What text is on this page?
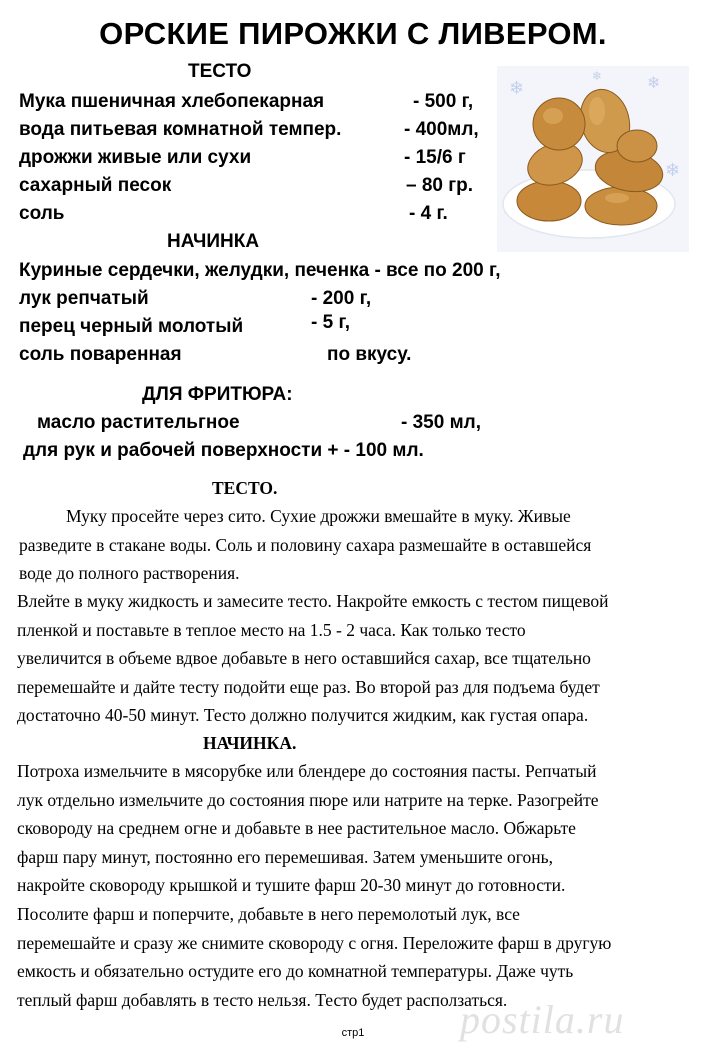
ОРСКИЕ ПИРОЖКИ С ЛИВЕРОМ.
❄	❄
❄
❄
ТЕСТО
Мука пшеничная хлебопекарная	- 500 г,
вода питьевая комнатной темпер.	- 400мл,
дрожжи живые или сухи	- 15/6 г
сахарный песок	– 80 гр.
соль	- 4 г.
НАЧИНКА
Куриные сердечки, желудки, печенка - все по 200 г,
лук репчатый	- 200 г,
перец черный молотый	- 5 г,
соль поваренная	по вкусу.
ДЛЯ ФРИТЮРА:
масло растительгное	- 350 мл,
для рук и рабочей поверхности + - 100 мл.
ТЕСТО.
Муку просейте через сито. Сухие дрожжи вмешайте в муку. Живые
разведите в стакане воды. Соль и половину сахара размешайте в оставшейся
воде до полного растворения.
Влейте в муку жидкость и замесите тесто. Накройте емкость с тестом пищевой
пленкой и поставьте в теплое место на 1.5 - 2 часа. Как только тесто
увеличится в объеме вдвое добавьте в него оставшийся сахар, все тщательно
перемешайте и дайте тесту подойти еще раз. Во второй раз для подъема будет
достаточно 40-50 минут. Тесто должно получится жидким, как густая опара.
НАЧИНКА.
Потроха измельчите в мясорубке или блендере до состояния пасты. Репчатый
лук отдельно измельчите до состояния пюре или натрите на терке. Разогрейте
сковороду на среднем огне и добавьте в нее растительное масло. Обжарьте
фарш пару минут, постоянно его перемешивая. Затем уменьшите огонь,
накройте сковороду крышкой и тушите фарш 20-30 минут до готовности.
Посолите фарш и поперчите, добавьте в него перемолотый лук, все
перемешайте и сразу же снимите сковороду с огня. Переложите фарш в другую
емкость и обязательно остудите его до комнатной температуры. Даже чуть
теплый фарш добавлять в тесто нельзя. Тесто будет расползаться.
postila.ru
стр1
